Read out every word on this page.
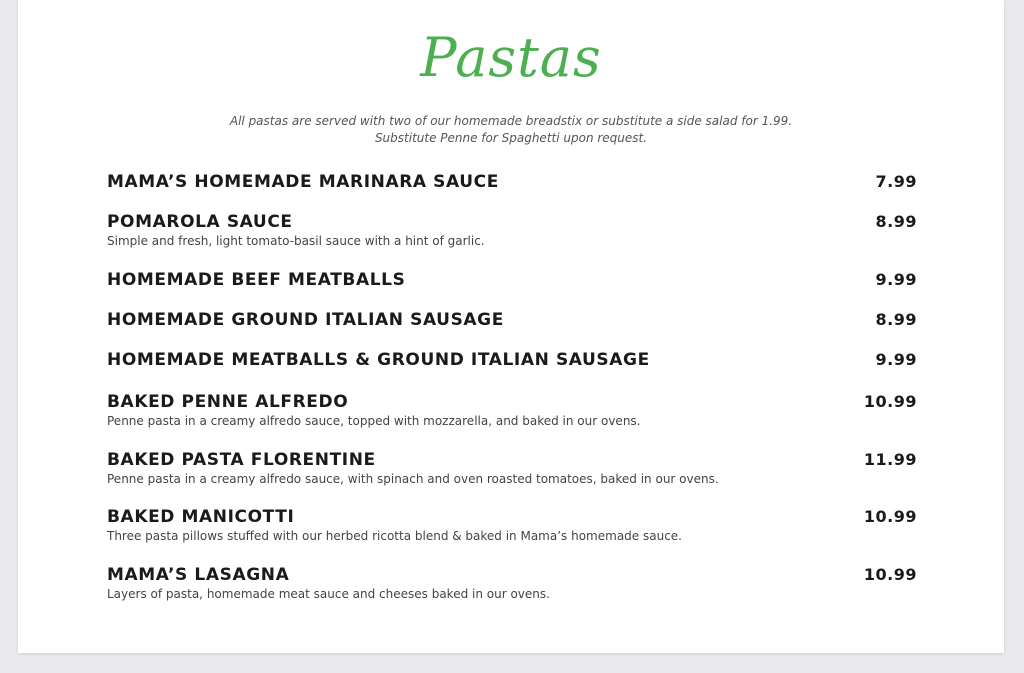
Pastas
All pastas are served with two of our homemade breadstix or substitute a side salad for 1.99.
Substitute Penne for Spaghetti upon request.
MAMA’S HOMEMADE MARINARA SAUCE	7.99
POMAROLA SAUCE	8.99
Simple and fresh, light tomato-basil sauce with a hint of garlic.
HOMEMADE BEEF MEATBALLS	9.99
HOMEMADE GROUND ITALIAN SAUSAGE	8.99
HOMEMADE MEATBALLS & GROUND ITALIAN SAUSAGE	9.99
BAKED PENNE ALFREDO	10.99
Penne pasta in a creamy alfredo sauce, topped with mozzarella, and baked in our ovens.
BAKED PASTA FLORENTINE	11.99
Penne pasta in a creamy alfredo sauce, with spinach and oven roasted tomatoes, baked in our ovens.
BAKED MANICOTTI	10.99
Three pasta pillows stuffed with our herbed ricotta blend & baked in Mama’s homemade sauce.
MAMA’S LASAGNA	10.99
Layers of pasta, homemade meat sauce and cheeses baked in our ovens.
